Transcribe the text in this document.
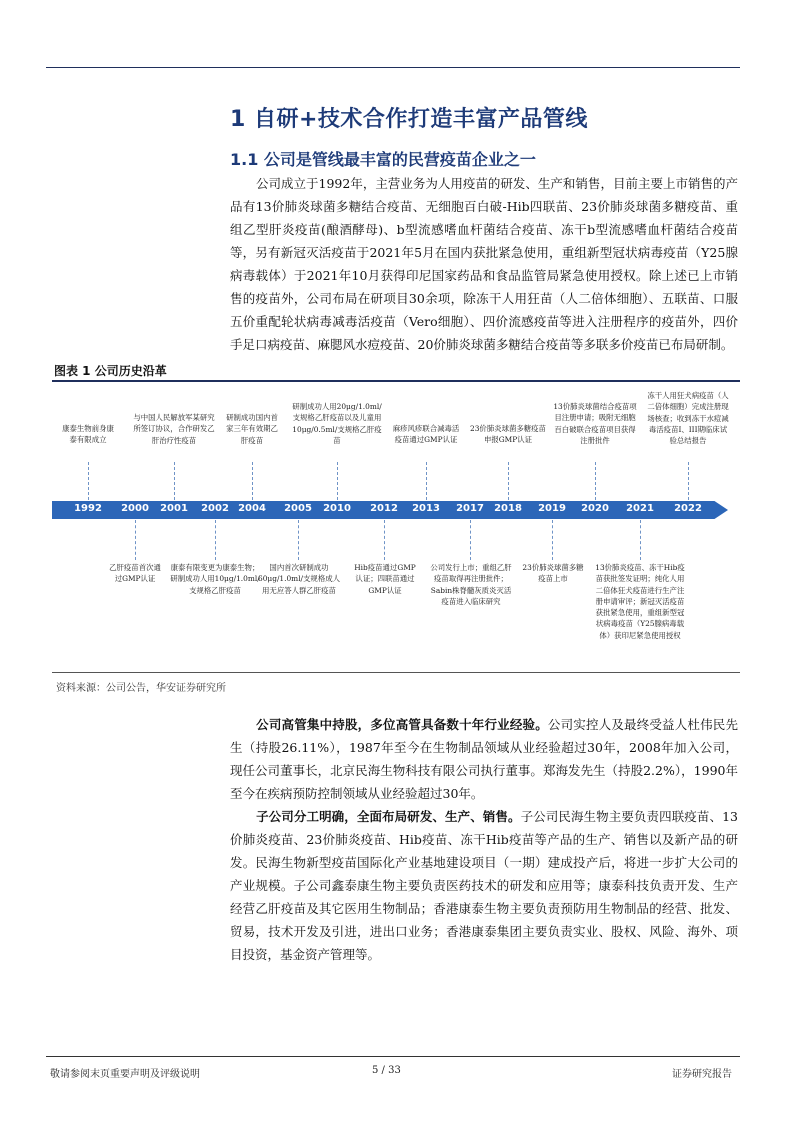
1 自研+技术合作打造丰富产品管线
1.1 公司是管线最丰富的民营疫苗企业之一
公司成立于1992年，主营业务为人用疫苗的研发、生产和销售，目前主要上市销售的产品有13价肺炎球菌多糖结合疫苗、无细胞百白破-Hib四联苗、23价肺炎球菌多糖疫苗、重组乙型肝炎疫苗(酿酒酵母)、b型流感嗜血杆菌结合疫苗、冻干b型流感嗜血杆菌结合疫苗等，另有新冠灭活疫苗于2021年5月在国内获批紧急使用，重组新型冠状病毒疫苗（Y25腺病毒载体）于2021年10月获得印尼国家药品和食品监管局紧急使用授权。除上述已上市销售的疫苗外，公司布局在研项目30余项，除冻干人用狂苗（人二倍体细胞）、五联苗、口服五价重配轮状病毒减毒活疫苗（Vero细胞）、四价流感疫苗等进入注册程序的疫苗外，四价手足口病疫苗、麻腮风水痘疫苗、20价肺炎球菌多糖结合疫苗等多联多价疫苗已布局研制。
图表 1 公司历史沿革
1992	2000	2001	2002 2004	2005	2010	2012	2013	2017	2018	2019	2020	2021	2022
康泰生物前身康泰有限成立
与中国人民解放军某研究所签订协议，合作研发乙肝治疗性疫苗
研制成功国内首家三年有效期乙肝疫苗
研制成功人用20μg/1.0ml/支规格乙肝疫苗以及儿童用10μg/0.5ml/支规格乙肝疫苗
麻疹风疹联合减毒活疫苗通过GMP认证
23价肺炎球菌多糖疫苗申报GMP认证
13价肺炎球菌结合疫苗项目注册申请；吸附无细胞百白破联合疫苗项目获得注册批件
冻干人用狂犬病疫苗（人二倍体细胞）完成注册现场核查；收到冻干水痘减毒活疫苗I、III期临床试验总结报告
乙肝疫苗首次通过GMP认证
康泰有限变更为康泰生物；研制成功人用10μg/1.0ml/支规格乙肝疫苗
国内首次研制成功60μg/1.0ml/支规格成人用无应答人群乙肝疫苗
Hib疫苗通过GMP认证；四联苗通过GMP认证
公司发行上市；重组乙肝疫苗取得再注册批件；Sabin株脊髓灰质炎灭活疫苗进入临床研究
23价肺炎球菌多糖疫苗上市
13价肺炎疫苗、冻干Hib疫苗获批签发证明；纯化人用二倍体狂犬疫苗进行生产注册申请审评；新冠灭活疫苗获批紧急使用，重组新型冠状病毒疫苗（Y25腺病毒载体）获印尼紧急使用授权
资料来源：公司公告，华安证券研究所
公司高管集中持股，多位高管具备数十年行业经验。公司实控人及最终受益人杜伟民先生（持股26.11%），1987年至今在生物制品领域从业经验超过30年，2008年加入公司，现任公司董事长，北京民海生物科技有限公司执行董事。郑海发先生（持股2.2%），1990年至今在疾病预防控制领域从业经验超过30年。
子公司分工明确，全面布局研发、生产、销售。子公司民海生物主要负责四联疫苗、13价肺炎疫苗、23价肺炎疫苗、Hib疫苗、冻干Hib疫苗等产品的生产、销售以及新产品的研发。民海生物新型疫苗国际化产业基地建设项目（一期）建成投产后，将进一步扩大公司的产业规模。子公司鑫泰康生物主要负责医药技术的研发和应用等；康泰科技负责开发、生产经营乙肝疫苗及其它医用生物制品；香港康泰生物主要负责预防用生物制品的经营、批发、贸易，技术开发及引进，进出口业务；香港康泰集团主要负责实业、股权、风险、海外、项目投资，基金资产管理等。
敬请参阅末页重要声明及评级说明	5 / 33	证券研究报告
